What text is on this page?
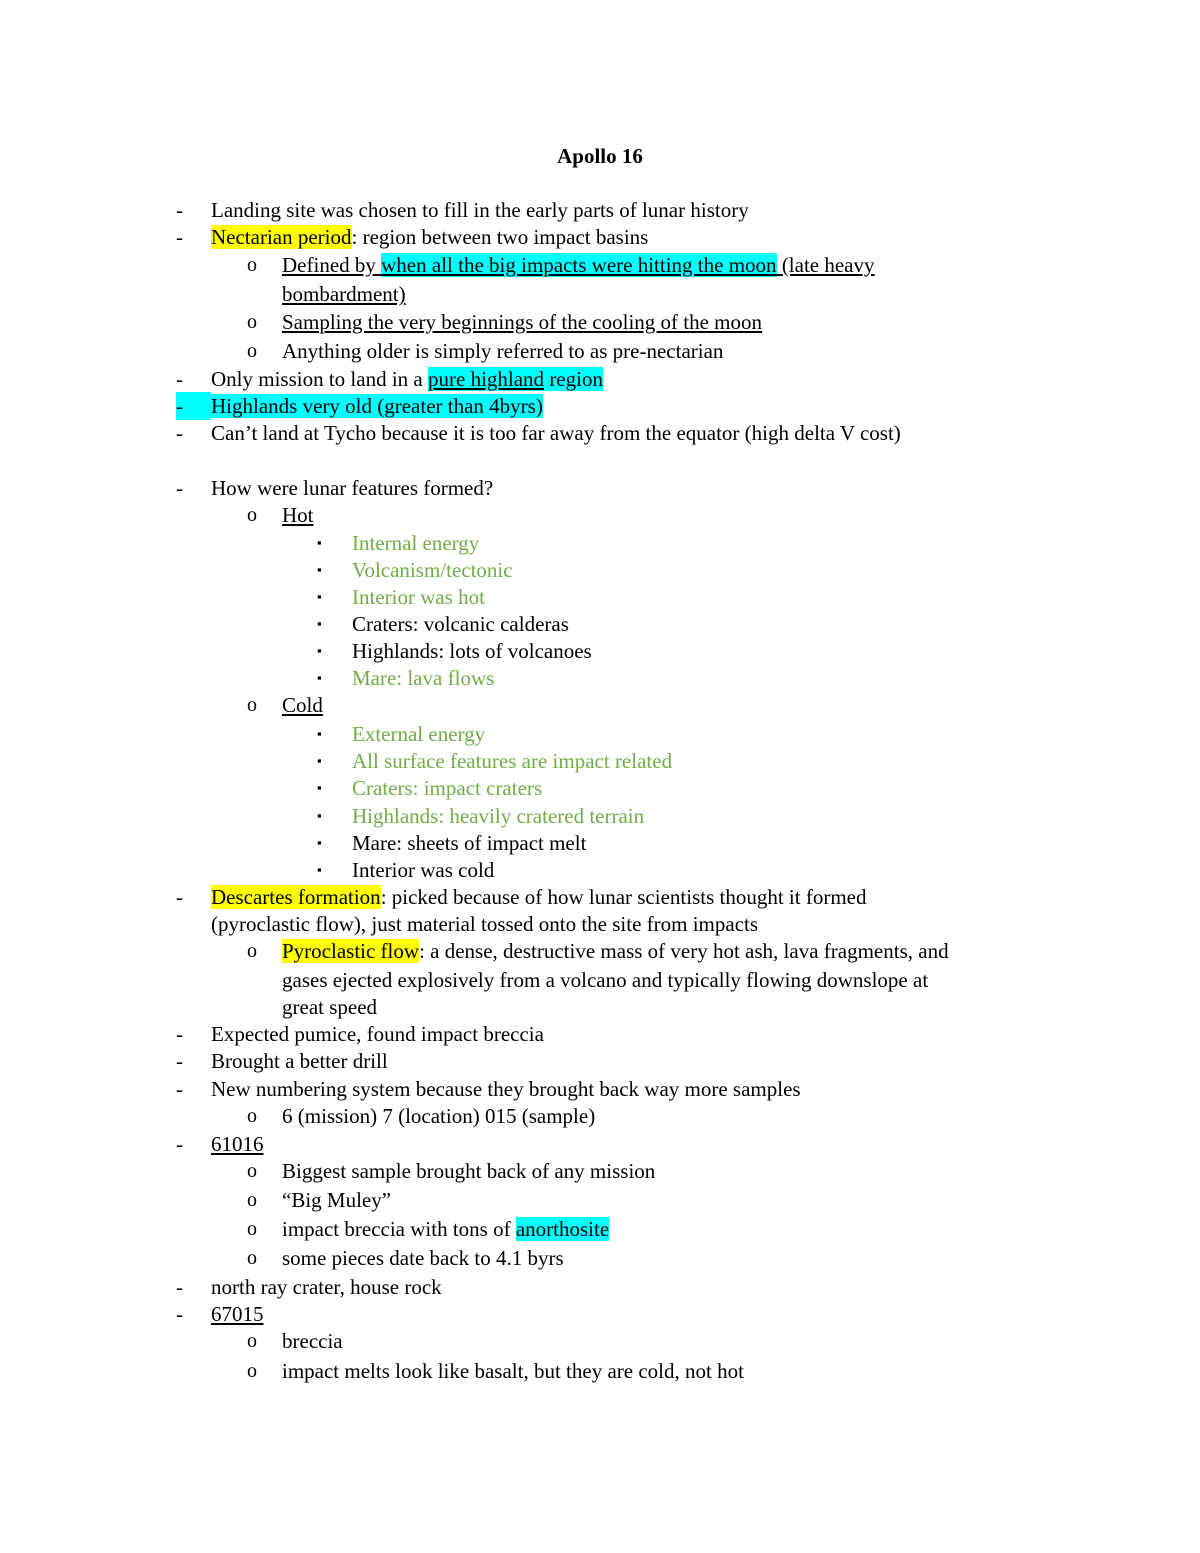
Apollo 16
- Landing site was chosen to fill in the early parts of lunar history
- Nectarian period: region between two impact basins
o Defined by when all the big impacts were hitting the moon (late heavy
bombardment)
o Sampling the very beginnings of the cooling of the moon
o Anything older is simply referred to as pre-nectarian
- Only mission to land in a pure highland region
-	Highlands very old (greater than 4byrs)
- Can’t land at Tycho because it is too far away from the equator (high delta V cost)
- How were lunar features formed?
o Hot
▪ Internal energy
▪ Volcanism/tectonic
▪ Interior was hot
▪ Craters: volcanic calderas
▪ Highlands: lots of volcanoes
▪ Mare: lava flows
o Cold
▪ External energy
▪ All surface features are impact related
▪ Craters: impact craters
▪ Highlands: heavily cratered terrain
▪ Mare: sheets of impact melt
▪ Interior was cold
- Descartes formation: picked because of how lunar scientists thought it formed
(pyroclastic flow), just material tossed onto the site from impacts
o Pyroclastic flow: a dense, destructive mass of very hot ash, lava fragments, and
gases ejected explosively from a volcano and typically flowing downslope at
great speed
- Expected pumice, found impact breccia
- Brought a better drill
- New numbering system because they brought back way more samples
o 6 (mission) 7 (location) 015 (sample)
- 61016
o Biggest sample brought back of any mission
o “Big Muley”
o impact breccia with tons of anorthosite
o some pieces date back to 4.1 byrs
- north ray crater, house rock
- 67015
o breccia
o impact melts look like basalt, but they are cold, not hot
